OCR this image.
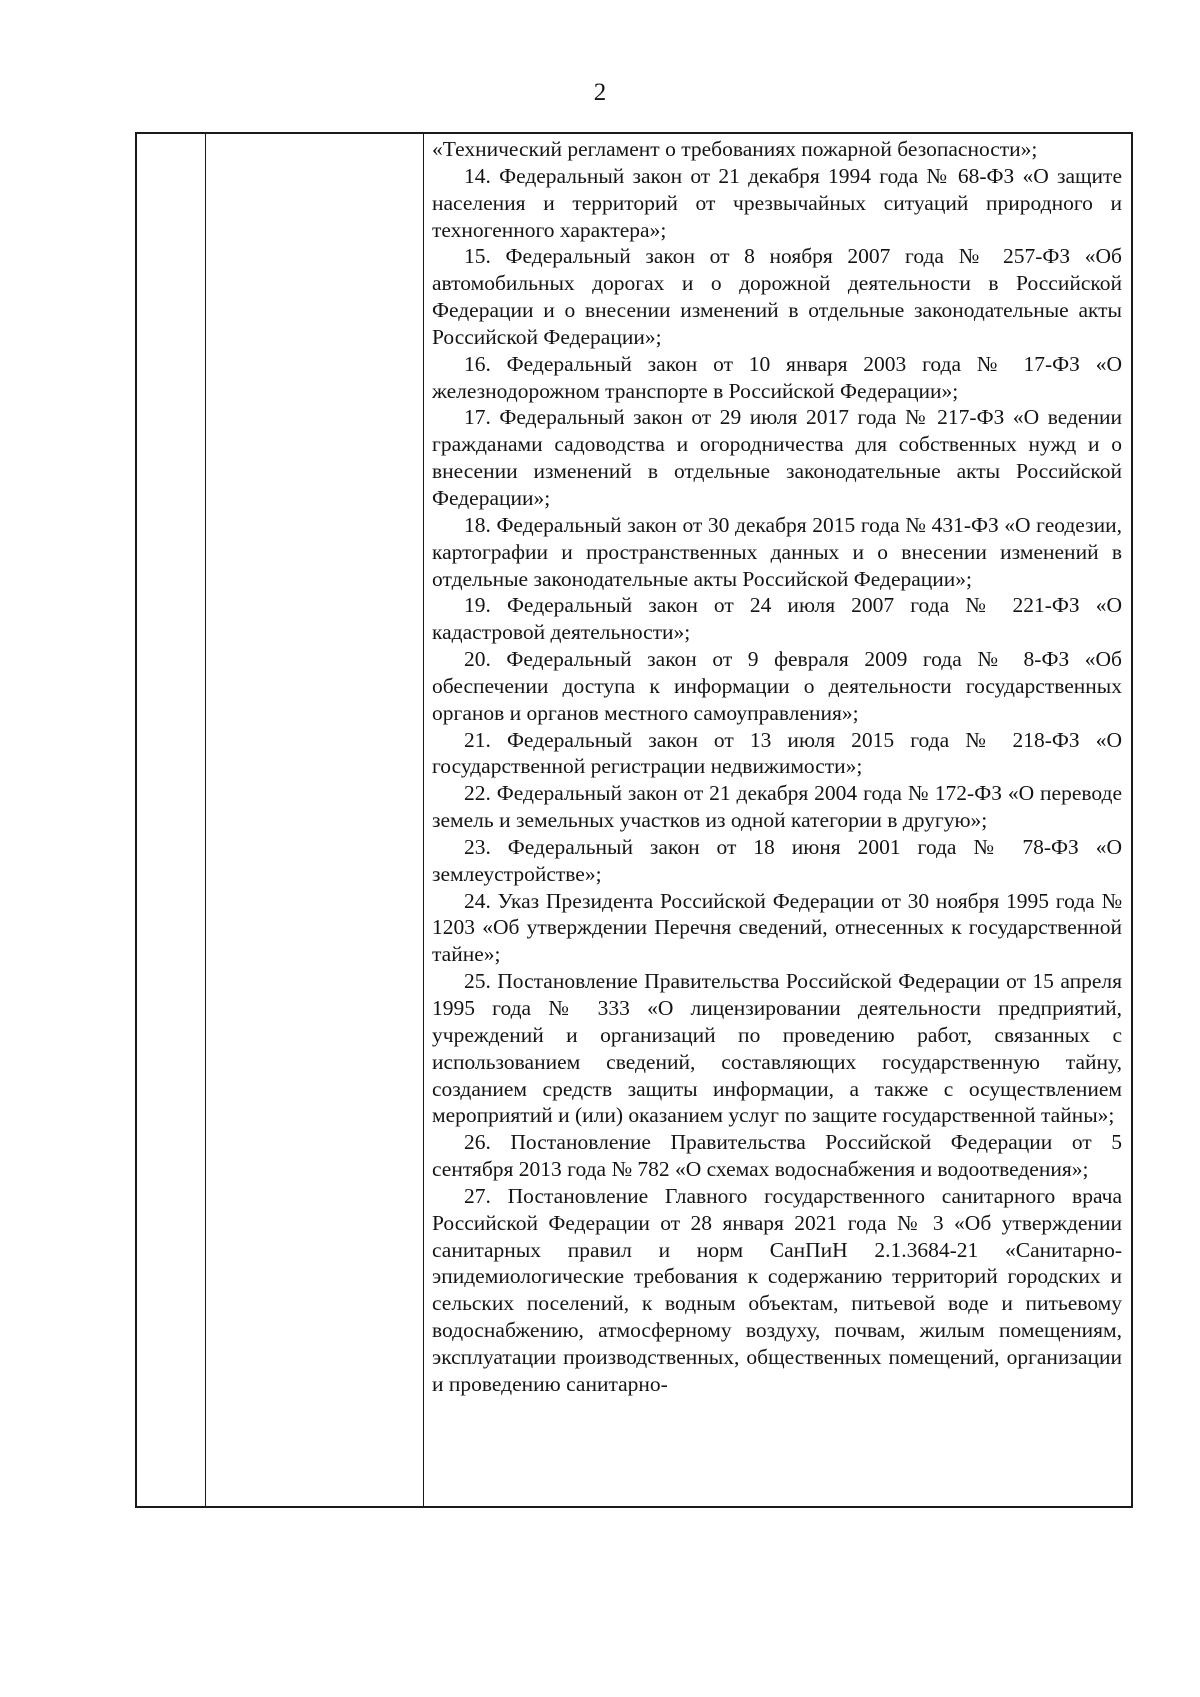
2

«Технический регламент о требованиях пожарной безопасности»;

14. Федеральный закон от 21 декабря 1994 года № 68-ФЗ «О защите населения и территорий от чрезвычайных ситуаций природного и техногенного характера»;

15. Федеральный закон от 8 ноября 2007 года № 257-ФЗ «Об автомобильных дорогах и о дорожной деятельности в Российской Федерации и о внесении изменений в отдельные законодательные акты Российской Федерации»;

16. Федеральный закон от 10 января 2003 года № 17-ФЗ «О железнодорожном транспорте в Российской Федерации»;

17. Федеральный закон от 29 июля 2017 года № 217-ФЗ «О ведении гражданами садоводства и огородничества для собственных нужд и о внесении изменений в отдельные законодательные акты Российской Федерации»;

18. Федеральный закон от 30 декабря 2015 года № 431-ФЗ «О геодезии, картографии и пространственных данных и о внесении изменений в отдельные законодательные акты Российской Федерации»;

19. Федеральный закон от 24 июля 2007 года № 221-ФЗ «О кадастровой деятельности»;

20. Федеральный закон от 9 февраля 2009 года № 8-ФЗ «Об обеспечении доступа к информации о деятельности государственных органов и органов местного самоуправления»;

21. Федеральный закон от 13 июля 2015 года № 218-ФЗ «О государственной регистрации недвижимости»;

22. Федеральный закон от 21 декабря 2004 года № 172-ФЗ «О переводе земель и земельных участков из одной категории в другую»;

23. Федеральный закон от 18 июня 2001 года № 78-ФЗ «О землеустройстве»;

24. Указ Президента Российской Федерации от 30 ноября 1995 года № 1203 «Об утверждении Перечня сведений, отнесенных к государственной тайне»;

25. Постановление Правительства Российской Федерации от 15 апреля 1995 года № 333 «О лицензировании деятельности предприятий, учреждений и организаций по проведению работ, связанных с использованием сведений, составляющих государственную тайну, созданием средств защиты информации, а также с осуществлением мероприятий и (или) оказанием услуг по защите государственной тайны»;

26. Постановление Правительства Российской Федерации от 5 сентября 2013 года № 782 «О схемах водоснабжения и водоотведения»;

27. Постановление Главного государственного санитарного врача Российской Федерации от 28 января 2021 года № 3 «Об утверждении санитарных правил и норм СанПиН 2.1.3684-21 «Санитарно-эпидемиологические требования к содержанию территорий городских и сельских поселений, к водным объектам, питьевой воде и питьевому водоснабжению, атмосферному воздуху, почвам, жилым помещениям, эксплуатации производственных, общественных помещений, организации и проведению санитарно-
